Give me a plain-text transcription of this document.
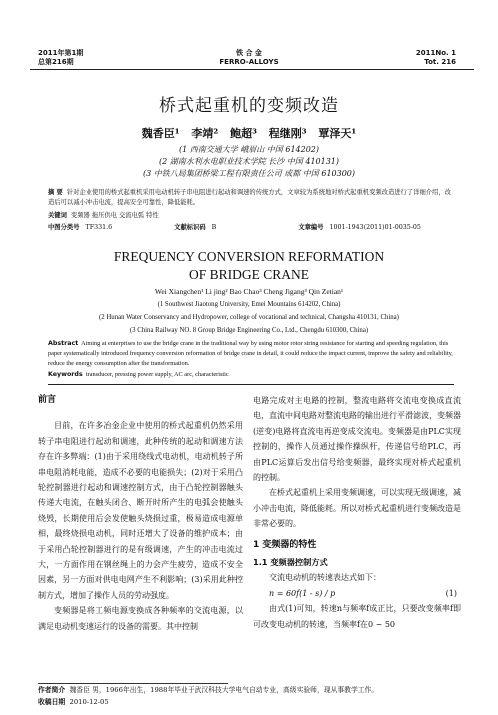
2011年第1期
总第216期
铁 合 金
FERRO-ALLOYS
2011No. 1
Tot. 216
桥式起重机的变频改造
魏香臣¹ 李靖² 鲍超³ 程继刚³ 覃泽天¹
(1 西南交通大学 峨眉山 中国 614202)
(2 湖南水利水电职业技术学院 长沙 中国 410131)
(3 中铁八局集团桥梁工程有限责任公司 成都 中国 610300)
摘 要 针对企业使用的桥式起重机采用电动机转子串电阻进行起动和调速的传统方式，文章较为系统地对桥式起重机变频改造进行了详细介绍，改造后可以减小冲击电流，提高安全可靠性，降低能耗。
关键词 变频器 拖压供电 交流电弧 特性
中图分类号 TF331.6	文献标识码 B	文章编号 1001-1943(2011)01-0035-05
FREQUENCY CONVERSION REFORMATION
OF BRIDGE CRANE
Wei Xiangchen¹ Li jing² Bao Chao³ Cheng Jigang³ Qin Zetian¹
(1 Southwest Jiaotong University, Emei Mountains 614202, China)
(2 Hunan Water Conservancy and Hydropower, college of vocational and technical, Changsha 410131, China)
(3 China Railway NO. 8 Group Bridge Engineering Co., Ltd., Chengdu 610300, China)
Abstract Aiming at enterprises to use the bridge crane in the traditional way by using motor rotor string resistance for starting and speeding regulation, this paper systematically introduced frequency conversion reformation of bridge crane in detail, it could reduce the impact current, improve the safety and reliability, reduce the energy consumption after the transformation.
Keywords transducer, pressing power supply, AC arc, characteristic
前言
目前，在许多冶金企业中使用的桥式起重机仍然采用转子串电阻进行起动和调速，此种传统的起动和调速方法存在许多弊端：(1)由于采用绕线式电动机，电动机转子所串电阻消耗电能，造成不必要的电能损失；(2)对于采用凸轮控制器进行起动和调速控制方式，由于凸轮控制器触头传递大电流，在触头闭合、断开时所产生的电弧会使触头烧毁，长期使用后会发使触头烧损过重，极易造成电源单相，最终烧损电动机，同时还增大了设备的维护成本；由于采用凸轮控制器进行的是有级调速，产生的冲击电流过大，一方面作用在钢丝绳上的力会产生疲劳，造成不安全因素，另一方面对供电电网产生不利影响；(3)采用此种控制方式，增加了操作人员的劳动强度。
变频器是将工频电源变换成各种频率的交流电源，以满足电动机变速运行的设备的需要。其中控制
电路完成对主电路的控制，整流电路将交流电变换成直流电，直流中间电路对整流电路的输出进行平滑滤波，变频器(逆变)电路将直流电再逆变成交流电。变频器是由PLC实现控制的，操作人员通过操作操纵杆，传递信号给PLC，再由PLC运算后发出信号给变频器，最终实现对桥式起重机的控制。
在桥式起重机上采用变频调速，可以实现无级调速，减小冲击电流，降低能耗。所以对桥式起重机进行变频改造是非常必要的。
1 变频器的特性
1.1 变频器控制方式
交流电动机的转速表达式如下：
n = 60f(1 - s) / p	(1)
由式(1)可知，转速n与频率f成正比，只要改变频率f即可改变电动机的转速，当频率f在0 ~ 50
作者简介 魏香臣 男，1966年出生，1988年毕业于武汉科技大学电气自动专业，高级实验师，现从事教学工作。
收稿日期 2010-12-05
